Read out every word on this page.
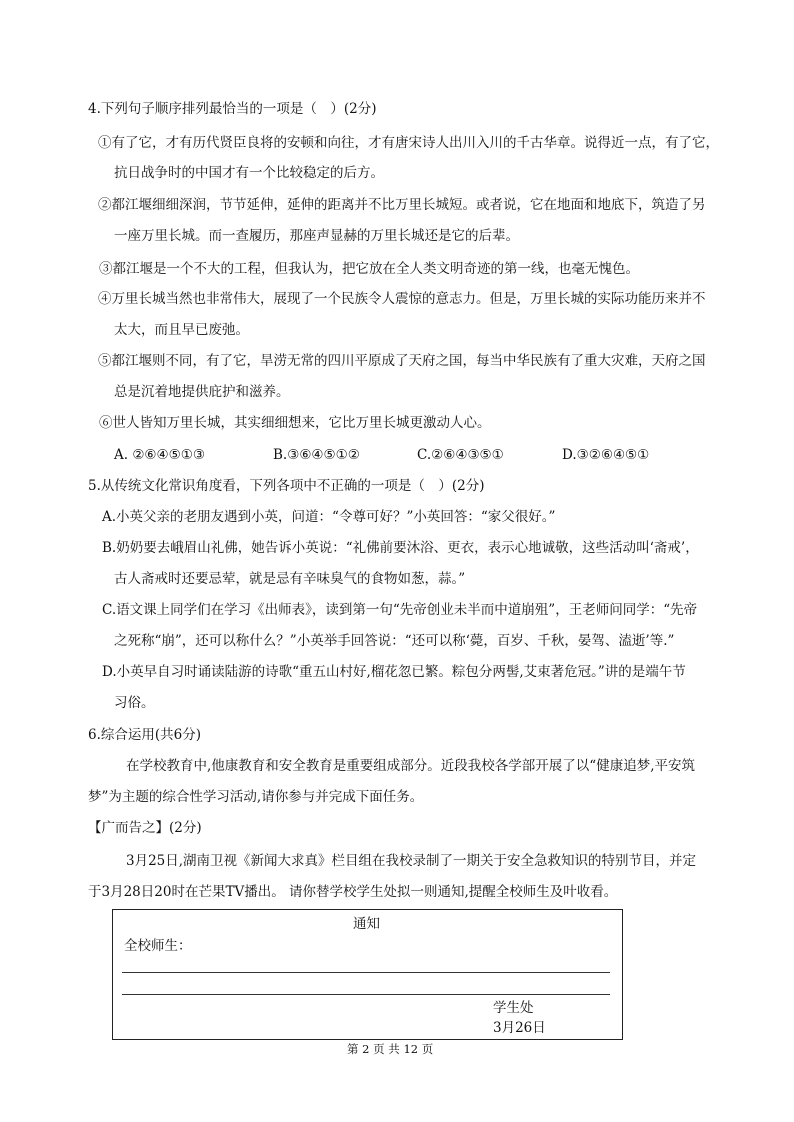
4.下列句子顺序排列最恰当的一项是（　）(2分)
①有了它，才有历代贤臣良将的安顿和向往，才有唐宋诗人出川入川的千古华章。说得近一点，有了它，
抗日战争时的中国才有一个比较稳定的后方。
②都江堰细细深润，节节延伸，延伸的距离并不比万里长城短。或者说，它在地面和地底下，筑造了另
一座万里长城。而一查履历，那座声显赫的万里长城还是它的后辈。
③都江堰是一个不大的工程，但我认为，把它放在全人类文明奇迹的第一线，也毫无愧色。
④万里长城当然也非常伟大，展现了一个民族令人震惊的意志力。但是，万里长城的实际功能历来并不
太大，而且早已废弛。
⑤都江堰则不同，有了它，旱涝无常的四川平原成了天府之国，每当中华民族有了重大灾难，天府之国
总是沉着地提供庇护和滋养。
⑥世人皆知万里长城，其实细细想来，它比万里长城更激动人心。
A. ②⑥④⑤①③	B.③⑥④⑤①②	C.②⑥④③⑤①	D.③②⑥④⑤①
5.从传统文化常识角度看，下列各项中不正确的一项是（　）(2分)
A.小英父亲的老朋友遇到小英，问道：“令尊可好？”小英回答：“家父很好。”
B.奶奶要去峨眉山礼佛，她告诉小英说：“礼佛前要沐浴、更衣，表示心地诚敬，这些活动叫‘斋戒’，
古人斋戒时还要忌荤，就是忌有辛味臭气的食物如葱，蒜。”
C.语文课上同学们在学习《出师表》，读到第一句“先帝创业未半而中道崩殂”，王老师问同学：“先帝
之死称“崩”，还可以称什么？”小英举手回答说：“还可以称‘薨，百岁、千秋，晏驾、溘逝’等.”
D.小英早自习时诵读陆游的诗歌“重五山村好,榴花忽已繁。粽包分两髻,艾束著危冠。”讲的是端午节
习俗。
6.综合运用(共6分)
在学校教育中,他康教育和安全教育是重要组成部分。近段我校各学部开展了以“健康追梦,平安筑
梦”为主题的综合性学习活动,请你参与并完成下面任务。
【广而告之】(2分)
3月25日,湖南卫视《新闻大求真》栏目组在我校录制了一期关于安全急救知识的特别节目，并定
于3月28日20时在芒果TV播出。 请你替学校学生处拟一则通知,提醒全校师生及叶收看。
通知
全校师生：
学生处
3月26日
第 2 页 共 12 页
